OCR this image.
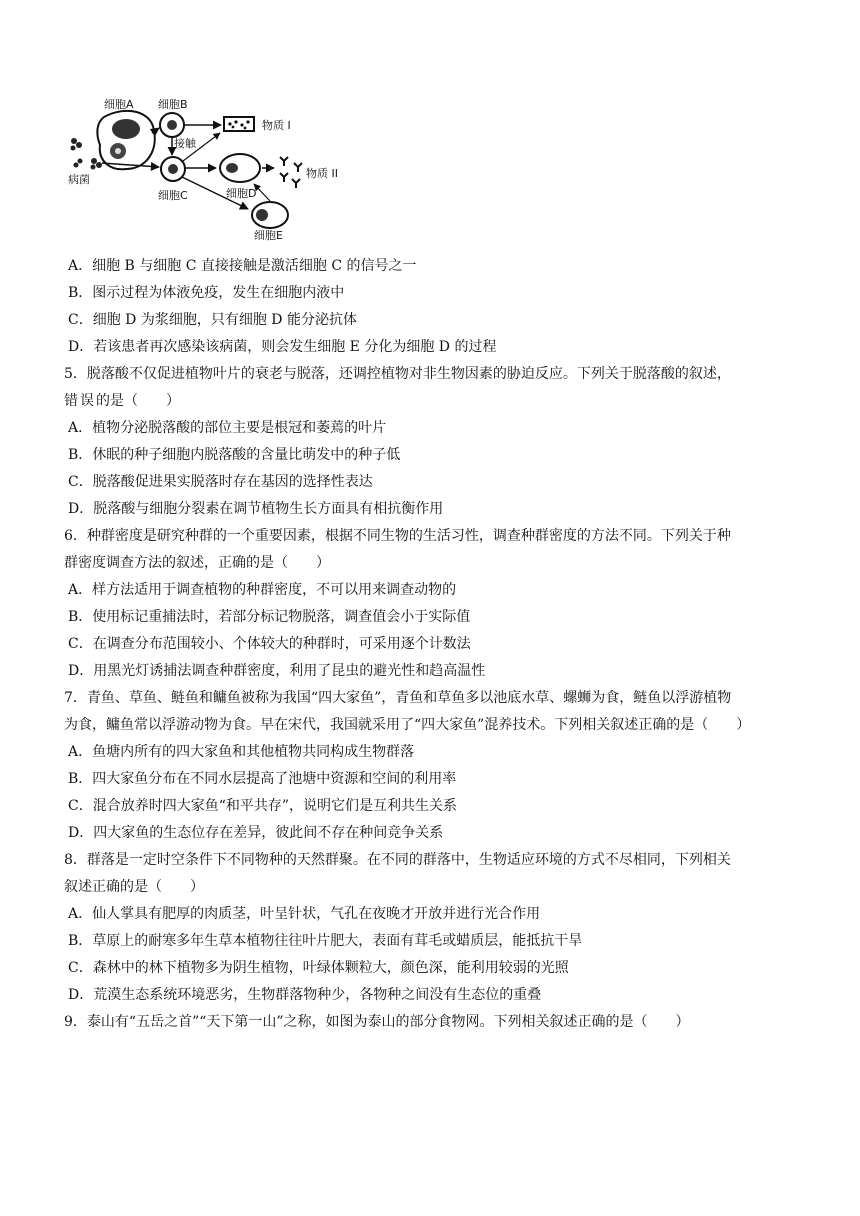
病菌
细胞A 细胞B
物质 I
接触
细胞C	细胞D
物质 II
细胞E
A．细胞 B 与细胞 C 直接接触是激活细胞 C 的信号之一
B．图示过程为体液免疫，发生在细胞内液中
C．细胞 D 为浆细胞，只有细胞 D 能分泌抗体
D．若该患者再次感染该病菌，则会发生细胞 E 分化为细胞 D 的过程
5．脱落酸不仅促进植物叶片的衰老与脱落，还调控植物对非生物因素的胁迫反应。下列关于脱落酸的叙述，
错误的是（　　）
A．植物分泌脱落酸的部位主要是根冠和萎蔫的叶片
B．休眠的种子细胞内脱落酸的含量比萌发中的种子低
C．脱落酸促进果实脱落时存在基因的选择性表达
D．脱落酸与细胞分裂素在调节植物生长方面具有相抗衡作用
6．种群密度是研究种群的一个重要因素，根据不同生物的生活习性，调查种群密度的方法不同。下列关于种
群密度调查方法的叙述，正确的是（　　）
A．样方法适用于调查植物的种群密度，不可以用来调查动物的
B．使用标记重捕法时，若部分标记物脱落，调查值会小于实际值
C．在调查分布范围较小、个体较大的种群时，可采用逐个计数法
D．用黑光灯诱捕法调查种群密度，利用了昆虫的避光性和趋高温性
7．青鱼、草鱼、鲢鱼和鳙鱼被称为我国“四大家鱼”，青鱼和草鱼多以池底水草、螺蛳为食，鲢鱼以浮游植物
为食，鳙鱼常以浮游动物为食。早在宋代，我国就采用了“四大家鱼”混养技术。下列相关叙述正确的是（　　）
A．鱼塘内所有的四大家鱼和其他植物共同构成生物群落
B．四大家鱼分布在不同水层提高了池塘中资源和空间的利用率
C．混合放养时四大家鱼“和平共存”，说明它们是互利共生关系
D．四大家鱼的生态位存在差异，彼此间不存在种间竞争关系
8．群落是一定时空条件下不同物种的天然群聚。在不同的群落中，生物适应环境的方式不尽相同，下列相关
叙述正确的是（　　）
A．仙人掌具有肥厚的肉质茎，叶呈针状，气孔在夜晚才开放并进行光合作用
B．草原上的耐寒多年生草本植物往往叶片肥大，表面有茸毛或蜡质层，能抵抗干旱
C．森林中的林下植物多为阴生植物，叶绿体颗粒大，颜色深，能利用较弱的光照
D．荒漠生态系统环境恶劣，生物群落物种少，各物种之间没有生态位的重叠
9．泰山有“五岳之首”“天下第一山”之称，如图为泰山的部分食物网。下列相关叙述正确的是（　　）
